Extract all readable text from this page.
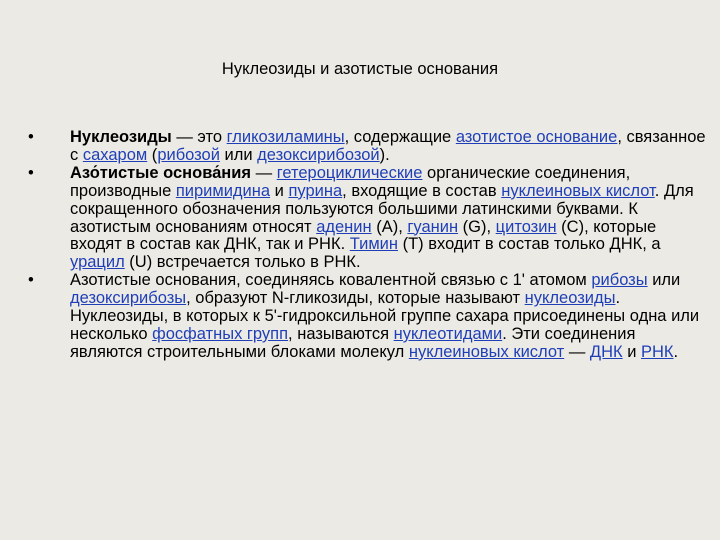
Нуклеозиды и азотистые основания
•	Нуклеозиды — это гликозиламины, содержащие азотистое основание, связанное с сахаром (рибозой или дезоксирибозой).
•	Азо́тистые основа́ния — гетероциклические органические соединения, производные пиримидина и пурина, входящие в состав нуклеиновых кислот. Для сокращенного обозначения пользуются большими латинскими буквами. К азотистым основаниям относят аденин (A), гуанин (G), цитозин (C), которые входят в состав как ДНК, так и РНК. Тимин (T) входит в состав только ДНК, а урацил (U) встречается только в РНК.
•	Азотистые основания, соединяясь ковалентной связью с 1' атомом рибозы или дезоксирибозы, образуют N-гликозиды, которые называют нуклеозиды. Нуклеозиды, в которых к 5'-гидроксильной группе сахара присоединены одна или несколько фосфатных групп, называются нуклеотидами. Эти соединения являются строительными блоками молекул нуклеиновых кислот — ДНК и РНК.
